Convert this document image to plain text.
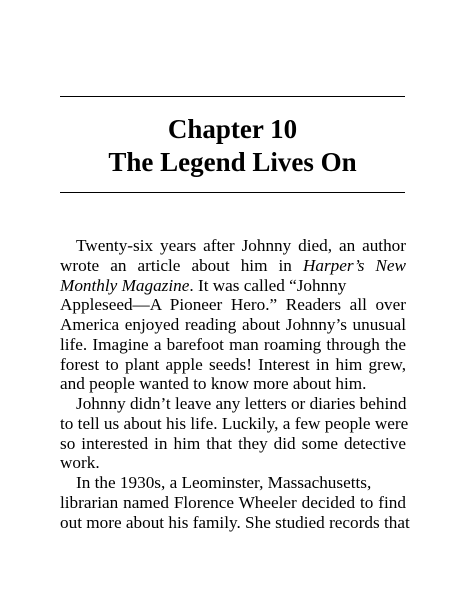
Chapter 10
The Legend Lives On

Twenty-six years after Johnny died, an author
wrote an article about him in Harper’s New
Monthly Magazine. It was called “Johnny
Appleseed—A Pioneer Hero.” Readers all over
America enjoyed reading about Johnny’s unusual
life. Imagine a barefoot man roaming through the
forest to plant apple seeds! Interest in him grew,
and people wanted to know more about him.

Johnny didn’t leave any letters or diaries behind
to tell us about his life. Luckily, a few people were
so interested in him that they did some detective
work.

In the 1930s, a Leominster, Massachusetts,
librarian named Florence Wheeler decided to find
out more about his family. She studied records that
